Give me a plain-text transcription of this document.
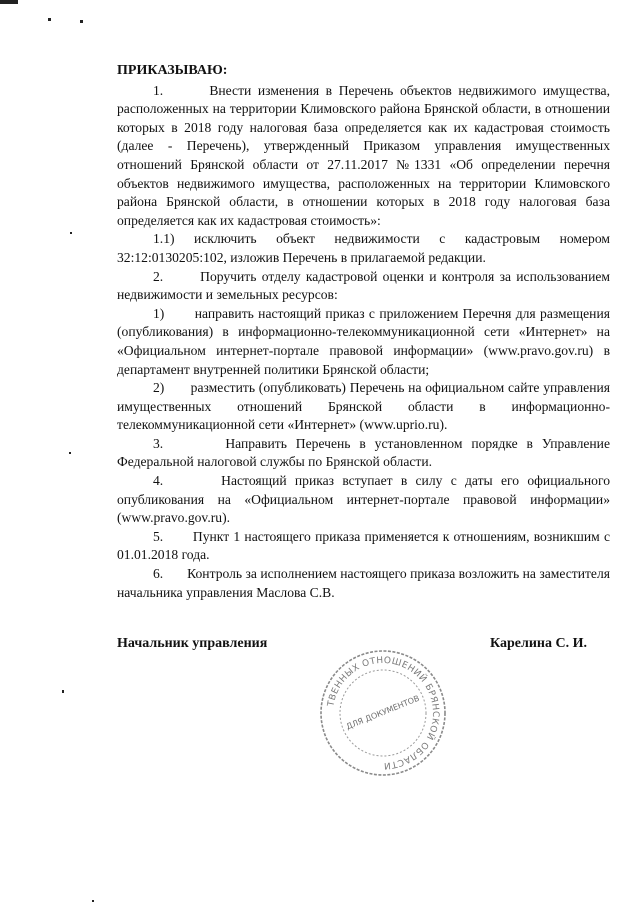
ПРИКАЗЫВАЮ:

1.       Внести изменения в Перечень объектов недвижимого имущества, расположенных на территории Климовского района Брянской области, в отношении которых в 2018 году налоговая база определяется как их кадастровая стоимость (далее - Перечень), утвержденный Приказом управления имущественных отношений Брянской области от 27.11.2017 №1331 «Об определении перечня объектов недвижимого имущества, расположенных на территории Климовского района Брянской области, в отношении которых в 2018 году налоговая база определяется как их кадастровая стоимость»:

1.1) исключить объект недвижимости с кадастровым номером 32:12:0130205:102, изложив Перечень в прилагаемой редакции.

2.       Поручить отделу кадастровой оценки и контроля за использованием недвижимости и земельных ресурсов:

1)       направить настоящий приказ с приложением Перечня для размещения (опубликования) в информационно-телекоммуникационной сети «Интернет» на «Официальном интернет-портале правовой информации» (www.pravo.gov.ru) в департамент внутренней политики Брянской области;

2)       разместить (опубликовать) Перечень на официальном сайте управления имущественных отношений Брянской области в информационно-телекоммуникационной сети «Интернет» (www.uprio.ru).

3.       Направить Перечень в установленном порядке в Управление Федеральной налоговой службы по Брянской области.

4.       Настоящий приказ вступает в силу с даты его официального опубликования на «Официальном интернет-портале правовой информации» (www.pravo.gov.ru).

5.       Пункт 1 настоящего приказа применяется к отношениям, возникшим с 01.01.2018 года.

6.       Контроль за исполнением настоящего приказа возложить на заместителя начальника управления Маслова С.В.

Начальник управления	Карелина С. И.
ТВЕННЫХ ОТНОШЕНИЙ БРЯНСКОЙ ОБЛАСТИ
ДЛЯ ДОКУМЕНТОВ
